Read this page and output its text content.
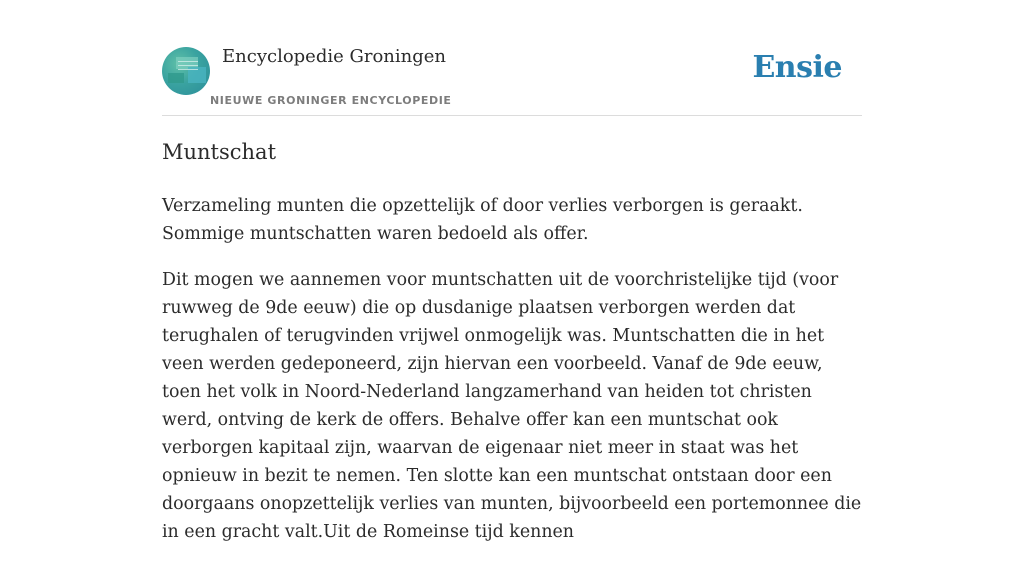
Encyclopedie Groningen
NIEUWE GRONINGER ENCYCLOPEDIE
Ensie
Muntschat

Verzameling munten die opzettelijk of door verlies verborgen is geraakt. Sommige muntschatten waren bedoeld als offer.

Dit mogen we aannemen voor muntschatten uit de voorchristelijke tijd (voor ruwweg de 9de eeuw) die op dusdanige plaatsen verborgen werden dat terughalen of terugvinden vrijwel onmogelijk was. Muntschatten die in het veen werden gedeponeerd, zijn hiervan een voorbeeld. Vanaf de 9de eeuw, toen het volk in Noord-Nederland langzamerhand van heiden tot christen werd, ontving de kerk de offers. Behalve offer kan een muntschat ook verborgen kapitaal zijn, waarvan de eigenaar niet meer in staat was het opnieuw in bezit te nemen. Ten slotte kan een muntschat ontstaan door een doorgaans onopzettelijk verlies van munten, bijvoorbeeld een portemonnee die in een gracht valt.Uit de Romeinse tijd kennen
